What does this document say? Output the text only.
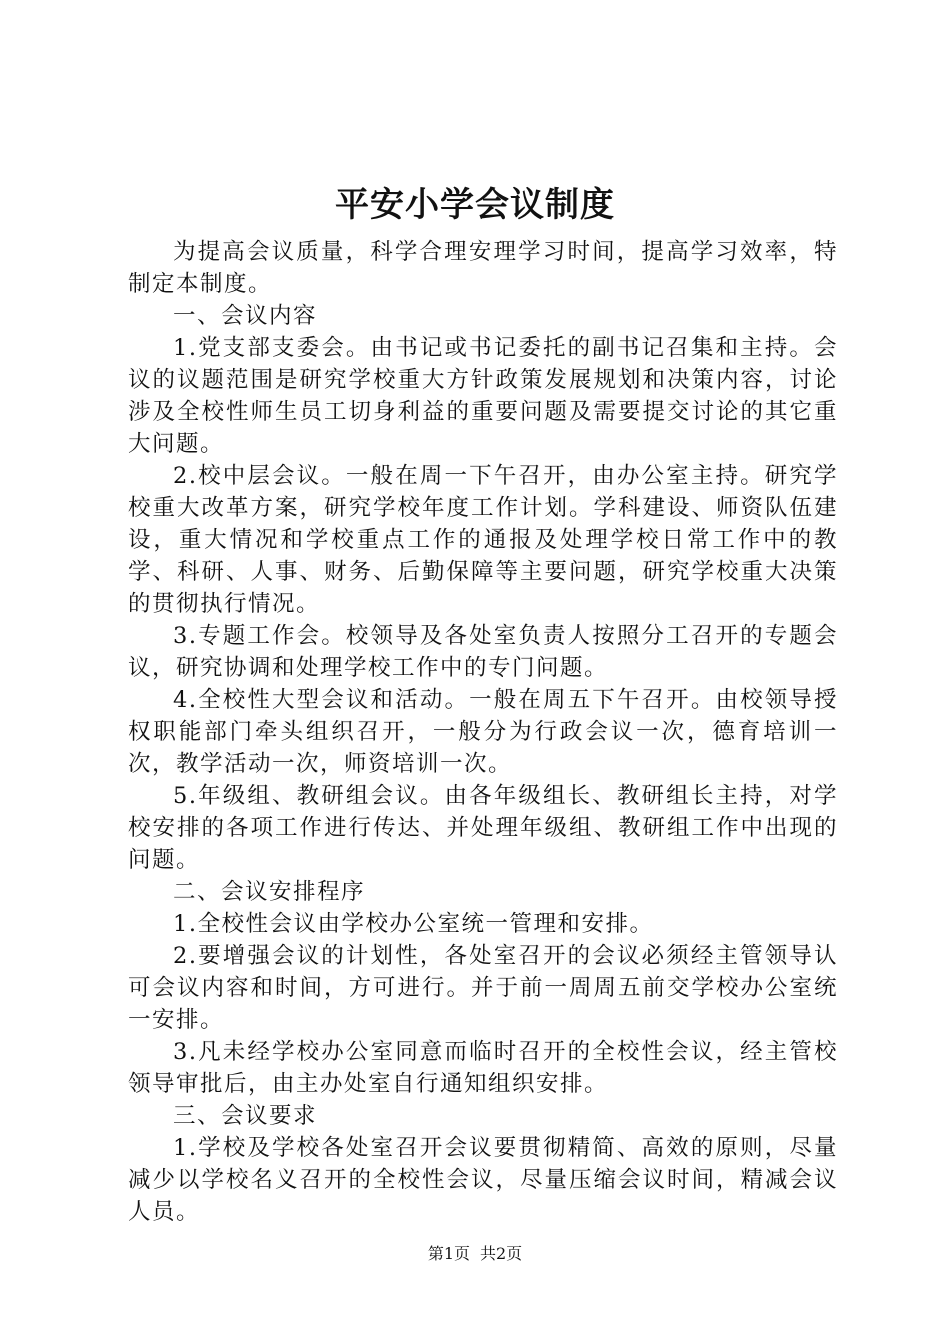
平安小学会议制度

为提高会议质量，科学合理安理学习时间，提高学习效率，特制定本制度。

一、会议内容

1.党支部支委会。由书记或书记委托的副书记召集和主持。会议的议题范围是研究学校重大方针政策发展规划和决策内容，讨论涉及全校性师生员工切身利益的重要问题及需要提交讨论的其它重大问题。

2.校中层会议。一般在周一下午召开，由办公室主持。研究学校重大改革方案，研究学校年度工作计划。学科建设、师资队伍建设，重大情况和学校重点工作的通报及处理学校日常工作中的教学、科研、人事、财务、后勤保障等主要问题，研究学校重大决策的贯彻执行情况。

3.专题工作会。校领导及各处室负责人按照分工召开的专题会议，研究协调和处理学校工作中的专门问题。

4.全校性大型会议和活动。一般在周五下午召开。由校领导授权职能部门牵头组织召开，一般分为行政会议一次，德育培训一次，教学活动一次，师资培训一次。

5.年级组、教研组会议。由各年级组长、教研组长主持，对学校安排的各项工作进行传达、并处理年级组、教研组工作中出现的问题。

二、会议安排程序

1.全校性会议由学校办公室统一管理和安排。

2.要增强会议的计划性，各处室召开的会议必须经主管领导认可会议内容和时间，方可进行。并于前一周周五前交学校办公室统一安排。

3.凡未经学校办公室同意而临时召开的全校性会议，经主管校领导审批后，由主办处室自行通知组织安排。

三、会议要求

1.学校及学校各处室召开会议要贯彻精简、高效的原则，尽量减少以学校名义召开的全校性会议，尽量压缩会议时间，精减会议人员。

第1页 共2页
